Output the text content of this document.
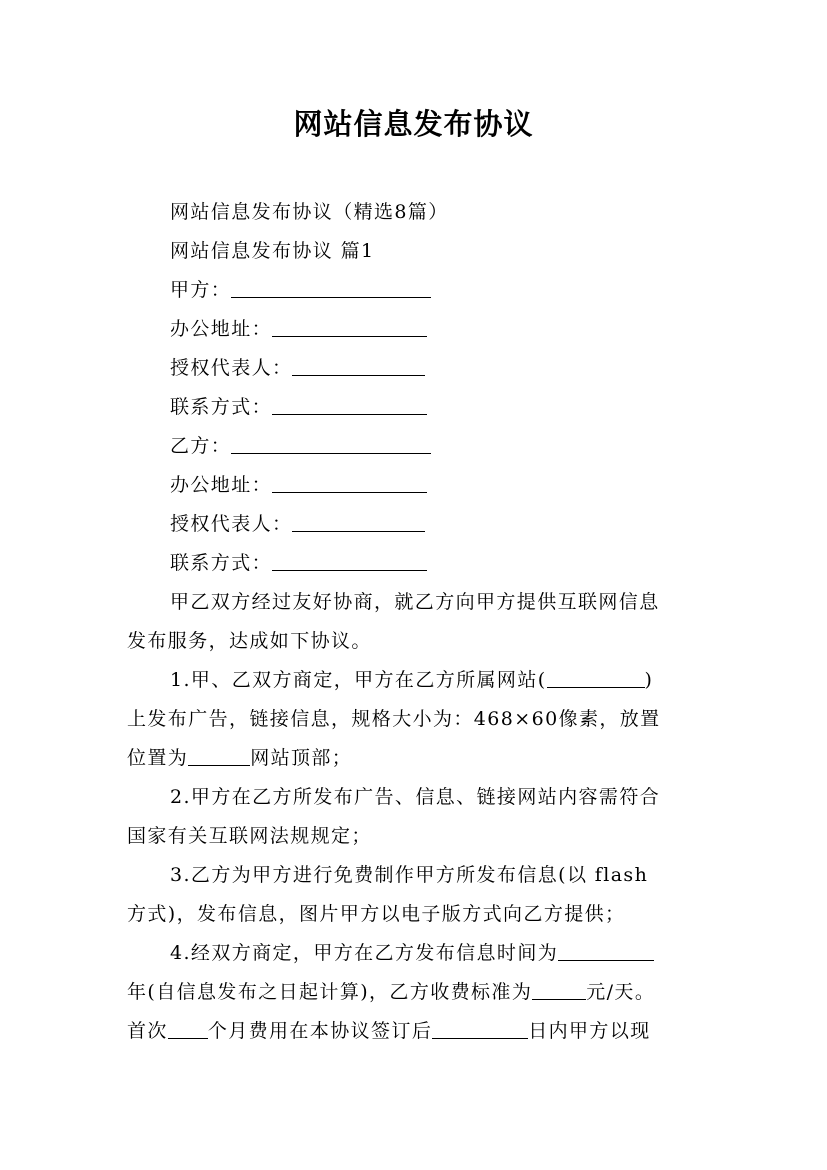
网站信息发布协议
网站信息发布协议（精选8篇）
网站信息发布协议 篇1
甲方：
办公地址：
授权代表人：
联系方式：
乙方：
办公地址：
授权代表人：
联系方式：
甲乙双方经过友好协商，就乙方向甲方提供互联网信息
发布服务，达成如下协议。
1.甲、乙双方商定，甲方在乙方所属网站(	)
上发布广告，链接信息，规格大小为：468×60像素，放置
位置为	网站顶部；
2.甲方在乙方所发布广告、信息、链接网站内容需符合
国家有关互联网法规规定；
3.乙方为甲方进行免费制作甲方所发布信息(以 flash
方式)，发布信息，图片甲方以电子版方式向乙方提供；
4.经双方商定，甲方在乙方发布信息时间为
年(自信息发布之日起计算)，乙方收费标准为	元/天。
首次 个月费用在本协议签订后	日内甲方以现
